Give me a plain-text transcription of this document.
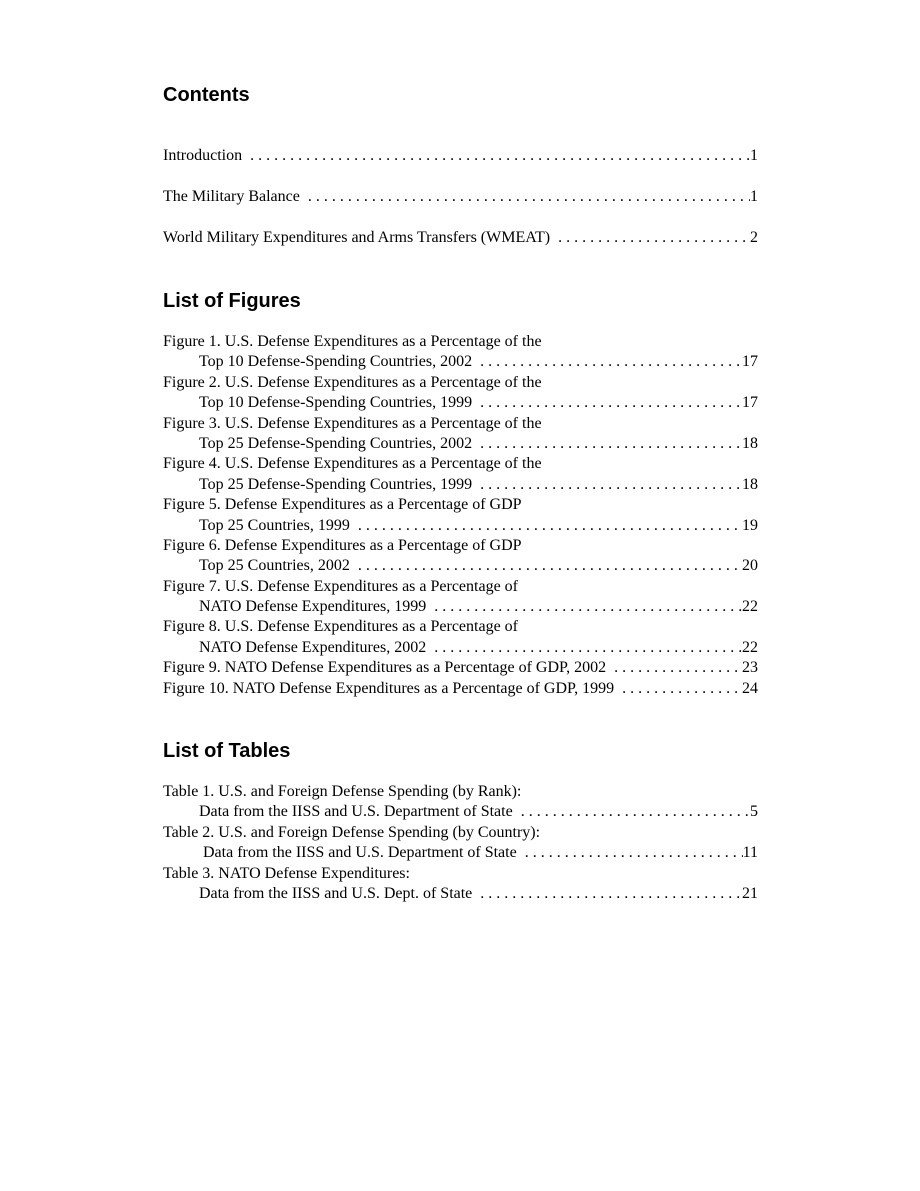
Contents
Introduction . . .	1
The Military Balance . . .	1
World Military Expenditures and Arms Transfers (WMEAT) . . .	2
List of Figures
Figure 1. U.S. Defense Expenditures as a Percentage of the
Top 10 Defense-Spending Countries, 2002 . . .	17
Figure 2. U.S. Defense Expenditures as a Percentage of the
Top 10 Defense-Spending Countries, 1999 . . .	17
Figure 3. U.S. Defense Expenditures as a Percentage of the
Top 25 Defense-Spending Countries, 2002 . . .	18
Figure 4. U.S. Defense Expenditures as a Percentage of the
Top 25 Defense-Spending Countries, 1999 . . .	18
Figure 5. Defense Expenditures as a Percentage of GDP
Top 25 Countries, 1999 . . .	19
Figure 6. Defense Expenditures as a Percentage of GDP
Top 25 Countries, 2002 . . .	20
Figure 7. U.S. Defense Expenditures as a Percentage of
NATO Defense Expenditures, 1999 . . .	22
Figure 8. U.S. Defense Expenditures as a Percentage of
NATO Defense Expenditures, 2002 . . .	22
Figure 9. NATO Defense Expenditures as a Percentage of GDP, 2002 . . .	23
Figure 10. NATO Defense Expenditures as a Percentage of GDP, 1999 . . .	24
List of Tables
Table 1. U.S. and Foreign Defense Spending (by Rank):
Data from the IISS and U.S. Department of State . . .	5
Table 2. U.S. and Foreign Defense Spending (by Country):
Data from the IISS and U.S. Department of State . . .	11
Table 3. NATO Defense Expenditures:
Data from the IISS and U.S. Dept. of State . . .	21
